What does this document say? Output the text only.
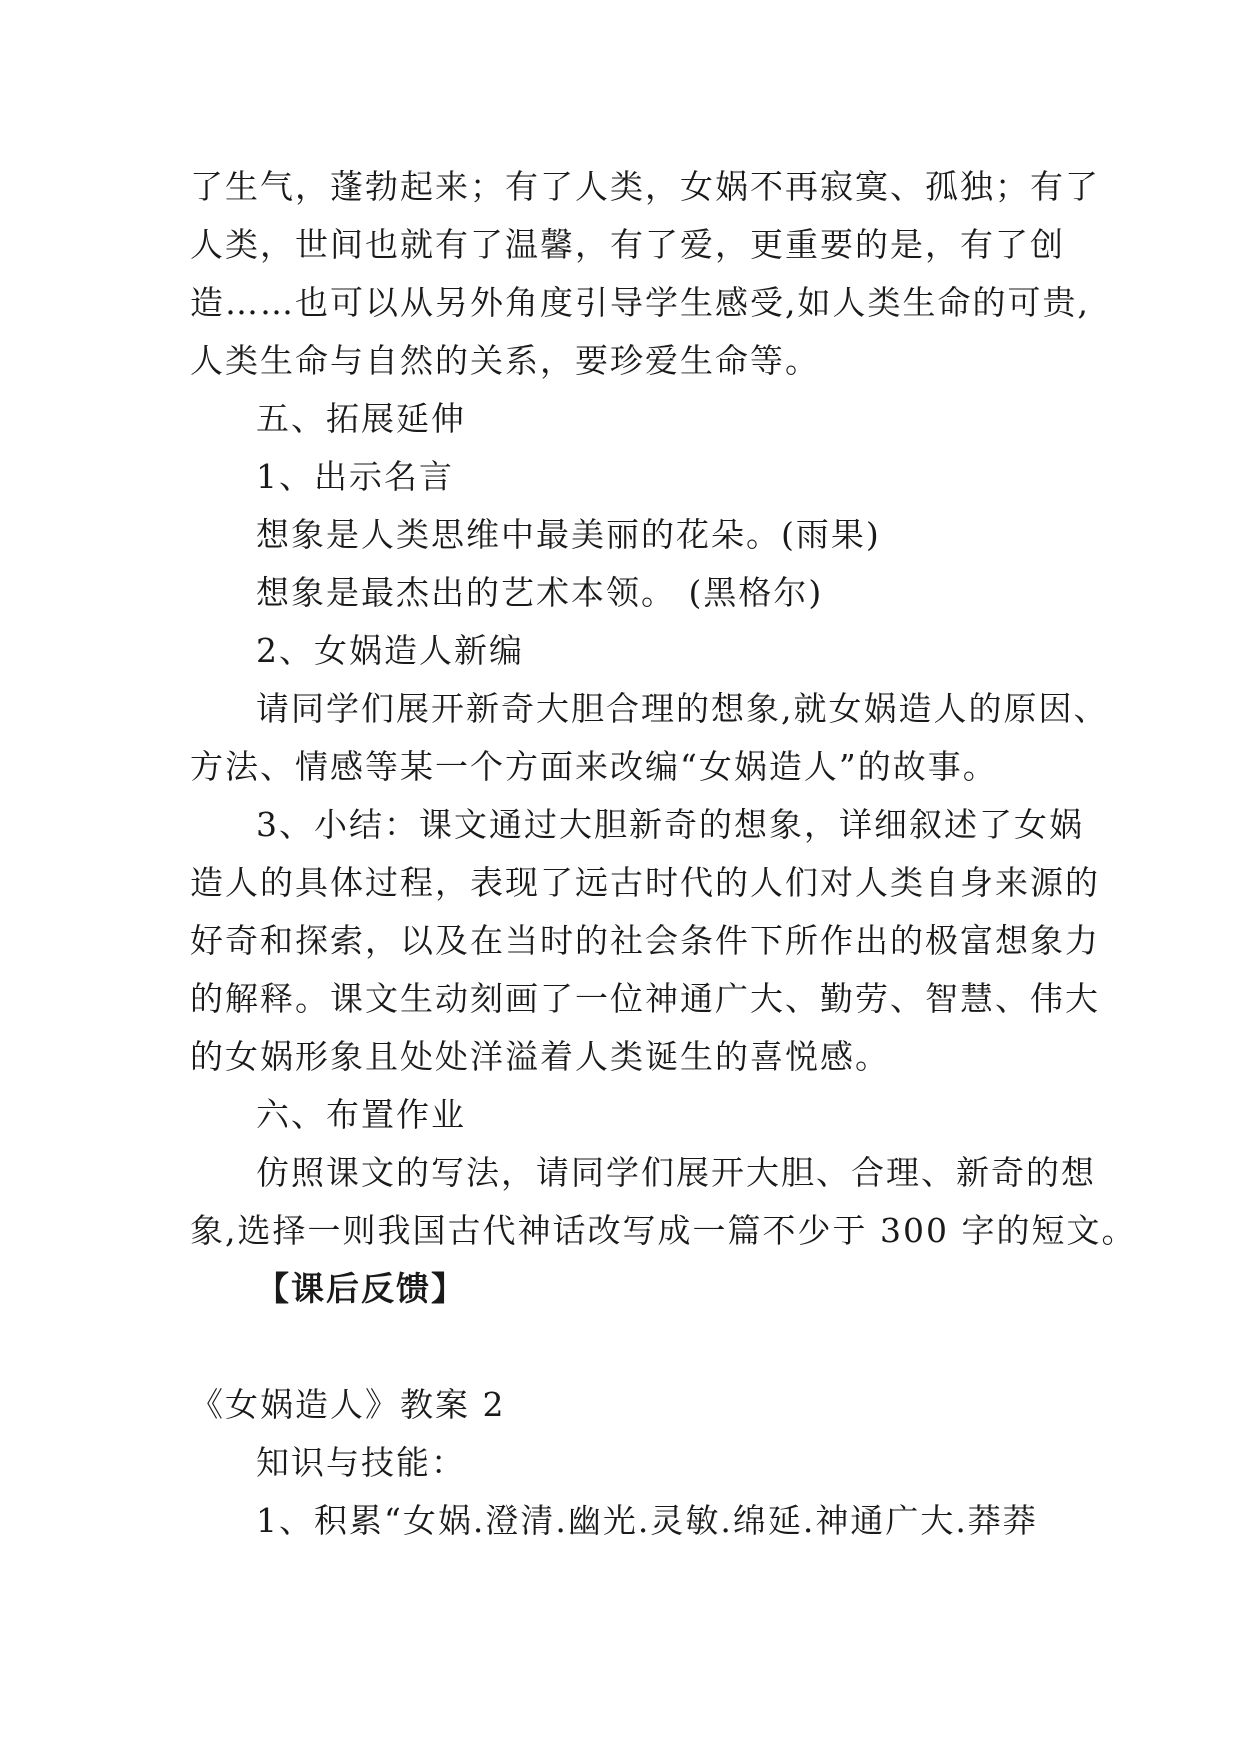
了生气，蓬勃起来；有了人类，女娲不再寂寞、孤独；有了
人类，世间也就有了温馨，有了爱，更重要的是，有了创
造……也可以从另外角度引导学生感受,如人类生命的可贵,
人类生命与自然的关系，要珍爱生命等。
五、拓展延伸
1、出示名言
想象是人类思维中最美丽的花朵。(雨果)
想象是最杰出的艺术本领。 (黑格尔)
2、女娲造人新编
请同学们展开新奇大胆合理的想象,就女娲造人的原因、
方法、情感等某一个方面来改编“女娲造人”的故事。
3、小结：课文通过大胆新奇的想象，详细叙述了女娲
造人的具体过程，表现了远古时代的人们对人类自身来源的
好奇和探索，以及在当时的社会条件下所作出的极富想象力
的解释。课文生动刻画了一位神通广大、勤劳、智慧、伟大
的女娲形象且处处洋溢着人类诞生的喜悦感。
六、布置作业
仿照课文的写法，请同学们展开大胆、合理、新奇的想
象,选择一则我国古代神话改写成一篇不少于 300 字的短文。
【课后反馈】
《女娲造人》教案 2
知识与技能：
1、积累“女娲.澄清.幽光.灵敏.绵延.神通广大.莽莽
